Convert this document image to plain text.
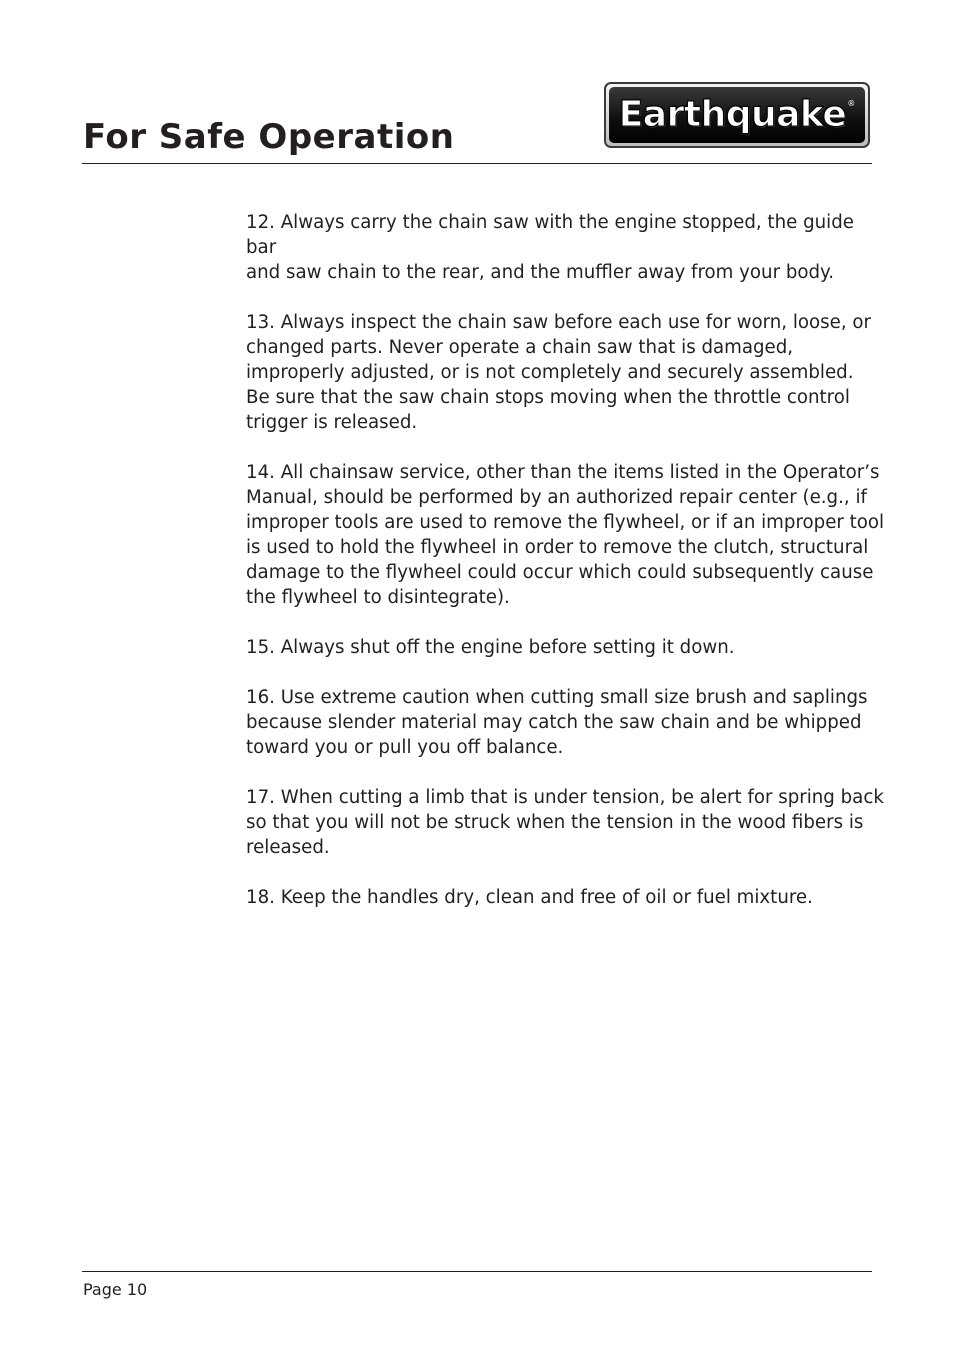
For Safe Operation
Earthquake ®

12. Always carry the chain saw with the engine stopped, the guide bar
and saw chain to the rear, and the muffler away from your body.

13. Always inspect the chain saw before each use for worn, loose, or
changed parts. Never operate a chain saw that is damaged,
improperly adjusted, or is not completely and securely assembled.
Be sure that the saw chain stops moving when the throttle control
trigger is released.

14. All chainsaw service, other than the items listed in the Operator’s
Manual, should be performed by an authorized repair center (e.g., if
improper tools are used to remove the flywheel, or if an improper tool
is used to hold the flywheel in order to remove the clutch, structural
damage to the flywheel could occur which could subsequently cause
the flywheel to disintegrate).

15. Always shut off the engine before setting it down.

16. Use extreme caution when cutting small size brush and saplings
because slender material may catch the saw chain and be whipped
toward you or pull you off balance.

17. When cutting a limb that is under tension, be alert for spring back
so that you will not be struck when the tension in the wood fibers is
released.

18. Keep the handles dry, clean and free of oil or fuel mixture.

Page 10
